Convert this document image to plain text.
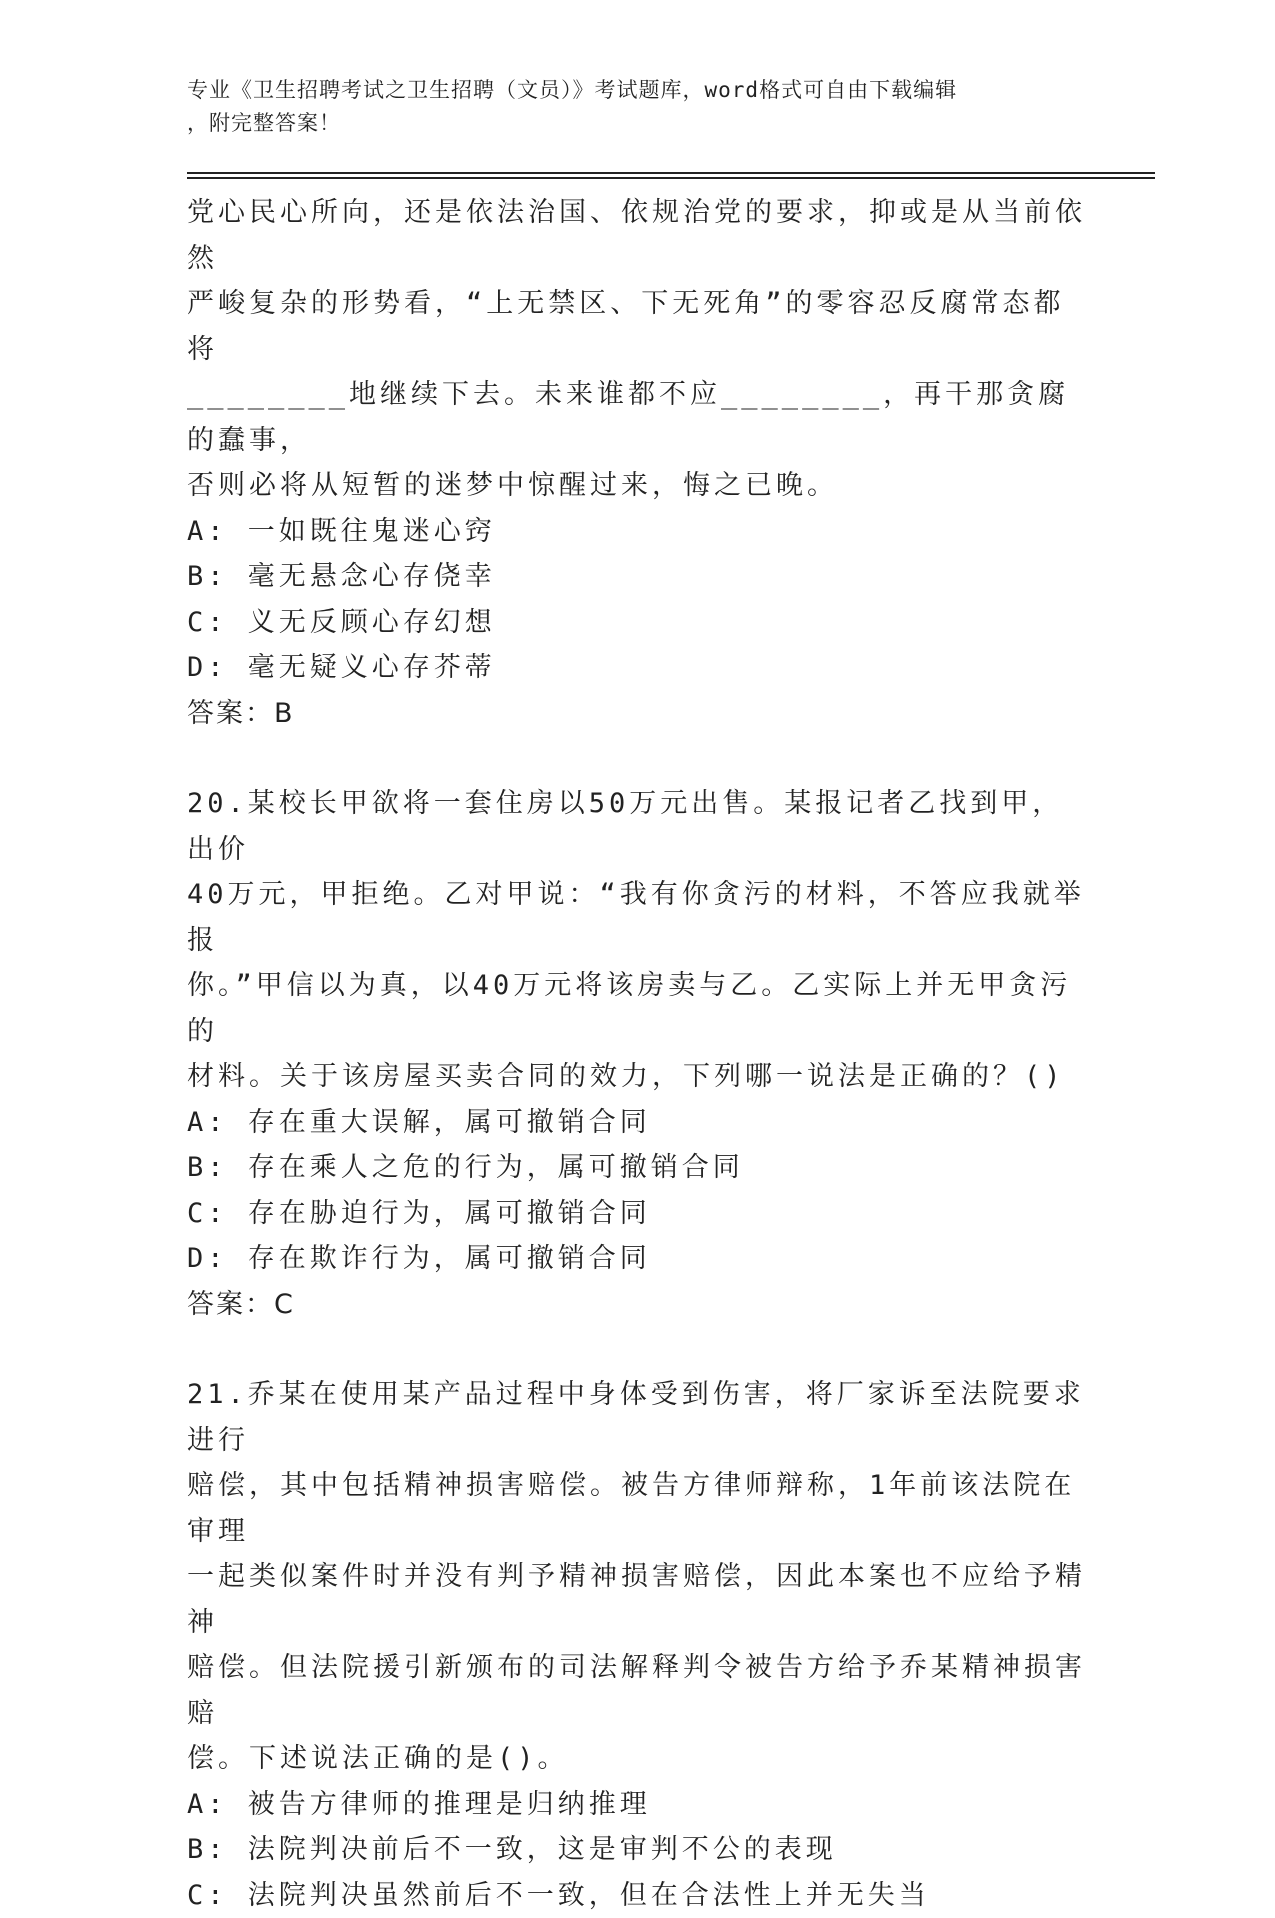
专业《卫生招聘考试之卫生招聘（文员）》考试题库，word格式可自由下载编辑
，附完整答案！

党心民心所向，还是依法治国、依规治党的要求，抑或是从当前依然

严峻复杂的形势看，“上无禁区、下无死角”的零容忍反腐常态都将

________地继续下去。未来谁都不应________，再干那贪腐的蠢事，

否则必将从短暂的迷梦中惊醒过来，悔之已晚。

A: 一如既往鬼迷心窍

B: 毫无悬念心存侥幸

C: 义无反顾心存幻想

D: 毫无疑义心存芥蒂

答案：B

20.某校长甲欲将一套住房以50万元出售。某报记者乙找到甲，出价

40万元，甲拒绝。乙对甲说：“我有你贪污的材料，不答应我就举报

你。”甲信以为真，以40万元将该房卖与乙。乙实际上并无甲贪污的

材料。关于该房屋买卖合同的效力，下列哪一说法是正确的？()

A: 存在重大误解，属可撤销合同

B: 存在乘人之危的行为，属可撤销合同

C: 存在胁迫行为，属可撤销合同

D: 存在欺诈行为，属可撤销合同

答案：C

21.乔某在使用某产品过程中身体受到伤害，将厂家诉至法院要求进行

赔偿，其中包括精神损害赔偿。被告方律师辩称，1年前该法院在审理

一起类似案件时并没有判予精神损害赔偿，因此本案也不应给予精神

赔偿。但法院援引新颁布的司法解释判令被告方给予乔某精神损害赔

偿。下述说法正确的是()。

A: 被告方律师的推理是归纳推理

B: 法院判决前后不一致，这是审判不公的表现

C: 法院判决虽然前后不一致，但在合法性上并无失当
